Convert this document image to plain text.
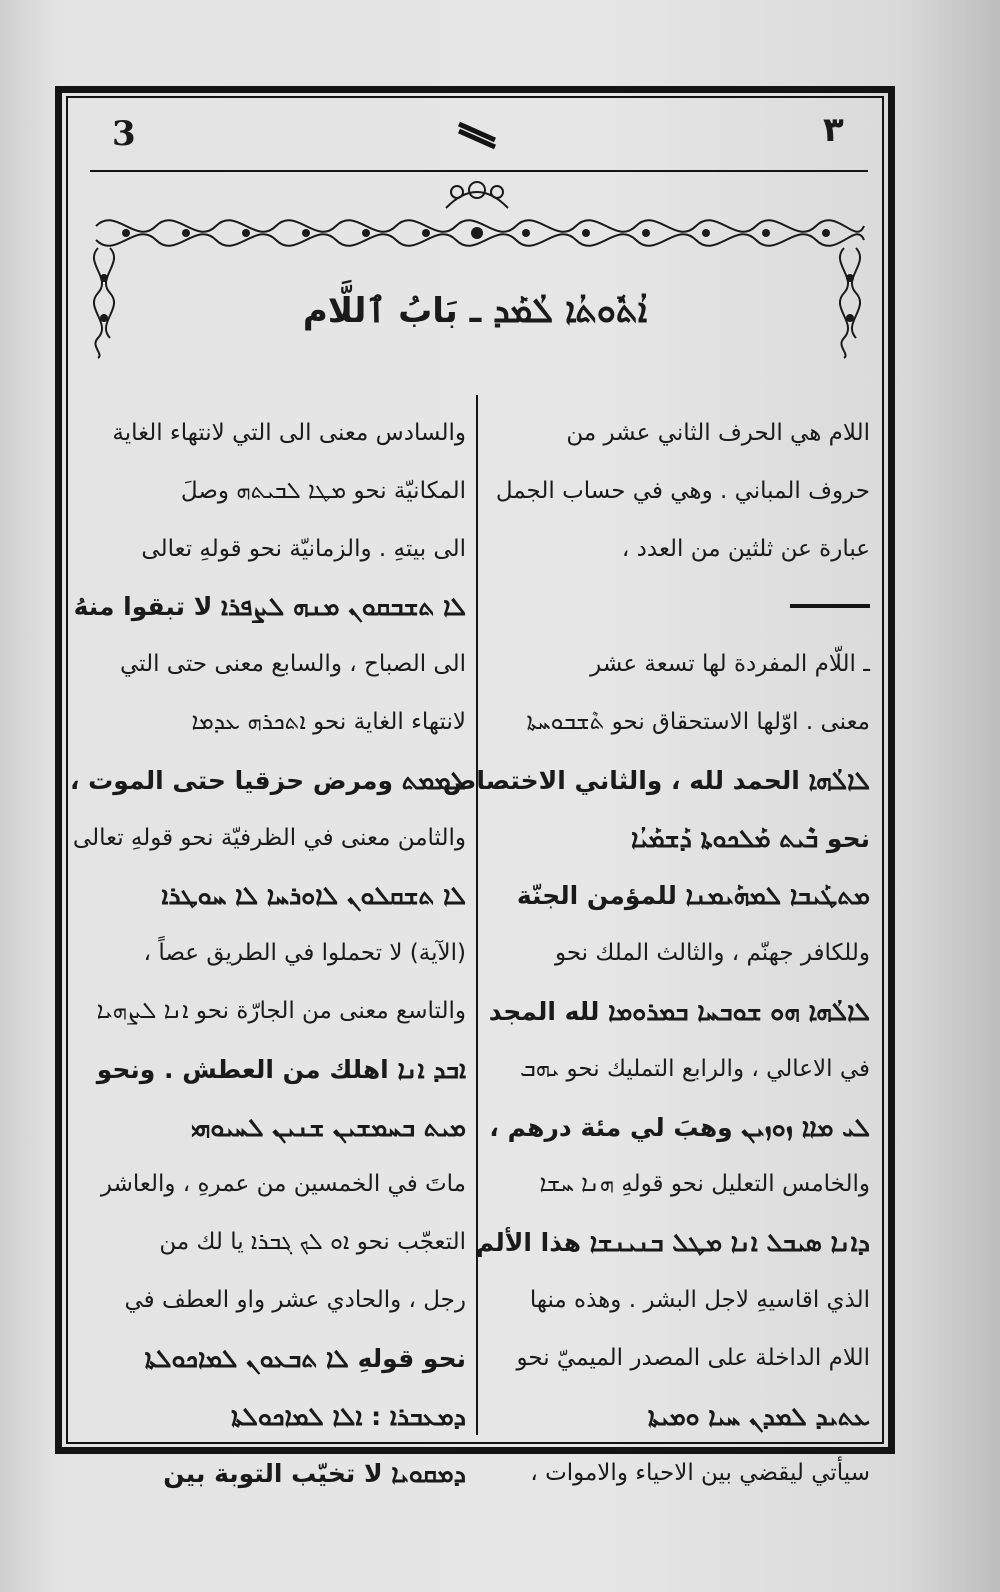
3	٣
ܐܳܬܽܘܬܳܐ ܠܳܡܰܕ ـ بَابُ ٱللَّام
اللام هي الحرف الثاني عشر من
حروف المباني . وهي في حساب الجمل
عبارة عن ثلثين من العدد ،
ـ اللّام المفردة لها تسعة عشر
معنى . اوّلها الاستحقاق نحو ܬܶܫܒܘܚܬܐ
ܠܐܠܳܗܐ الحمد لله ، والثاني الاختصاص
نحو ܒܶܝܬ ܡܰܠܟܘܬܐ ܕܰܫܡܰܝܳܐ
ܡܬܛܰܝܒܐ ܠܡܗܰܝܡܢܐ للمؤمن الجنّة
وللكافر جهنّم ، والثالث الملك نحو
ܠܐܠܳܗܐ ܗܘ ܫܘܒܚܐ ܒܡܪܘܡܐ لله المجد
في الاعالي ، والرابع التمليك نحو ܝܗܒ
ܠܝ ܡܐܐ ܙܘܙܝܢ وهبَ لي مئة درهم ،
والخامس التعليل نحو قولهِ ܗܢܐ ܚܫܐ
ܕܐܢܐ ܣܝܒܠ ܐܢܐ ܡܛܠ ܒܢܝܢܫܐ هذا الألم
الذي اقاسيهِ لاجل البشر . وهذه منها
اللام الداخلة على المصدر الميميّ نحو
ܥܬܝܕ ܠܡܕܢ ܚܝܐ ܘܡܝܬܐ
سيأتي ليقضي بين الاحياء والاموات ،
والسادس معنى الى التي لانتهاء الغاية
المكانيّة نحو ܡܛܐ ܠܒܝܬܗ وصلَ
الى بيتهِ . والزمانيّة نحو قولهِ تعالى
ܠܐ ܬܫܒܩܘܢ ܡܢܗ ܠܨܦܪܐ لا تبقوا منهُ
الى الصباح ، والسابع معنى حتى التي
لانتهاء الغاية نحو ܐܬܟܪܗ ܥܕܡܐ
ܠܡܡܬ ومرض حزقيا حتى الموت ،
والثامن معنى في الظرفيّة نحو قولهِ تعالى
ܠܐ ܬܫܩܠܘܢ ܠܐܘܪܚܐ ܠܐ ܚܘܛܪܐ
(الآية) لا تحملوا في الطريق عصاً ،
والتاسع معنى من الجارّة نحو ܐܢܐ ܠܨܗܝܐ
ܐܒܕ ܐܢܐ اهلك من العطش . ونحو
ܡܝܬ ܒܚܡܫܝܢ ܫܢܝܢ ܠܚܝܘܗܝ
ماتَ في الخمسين من عمرهِ ، والعاشر
التعجّب نحو ܐܘ ܠܟ ܓܒܪܐ يا لك من
رجل ، والحادي عشر واو العطف في
نحو قولهِ ܠܐ ܬܒܥܘܢ ܠܡܐܟܘܠܬܐ
ܕܡܥܒܪܐ : ܐܠܐ ܠܡܐܟܘܠܬܐ
ܕܡܩܘܝܐ لا تخيّب التوبة بين
